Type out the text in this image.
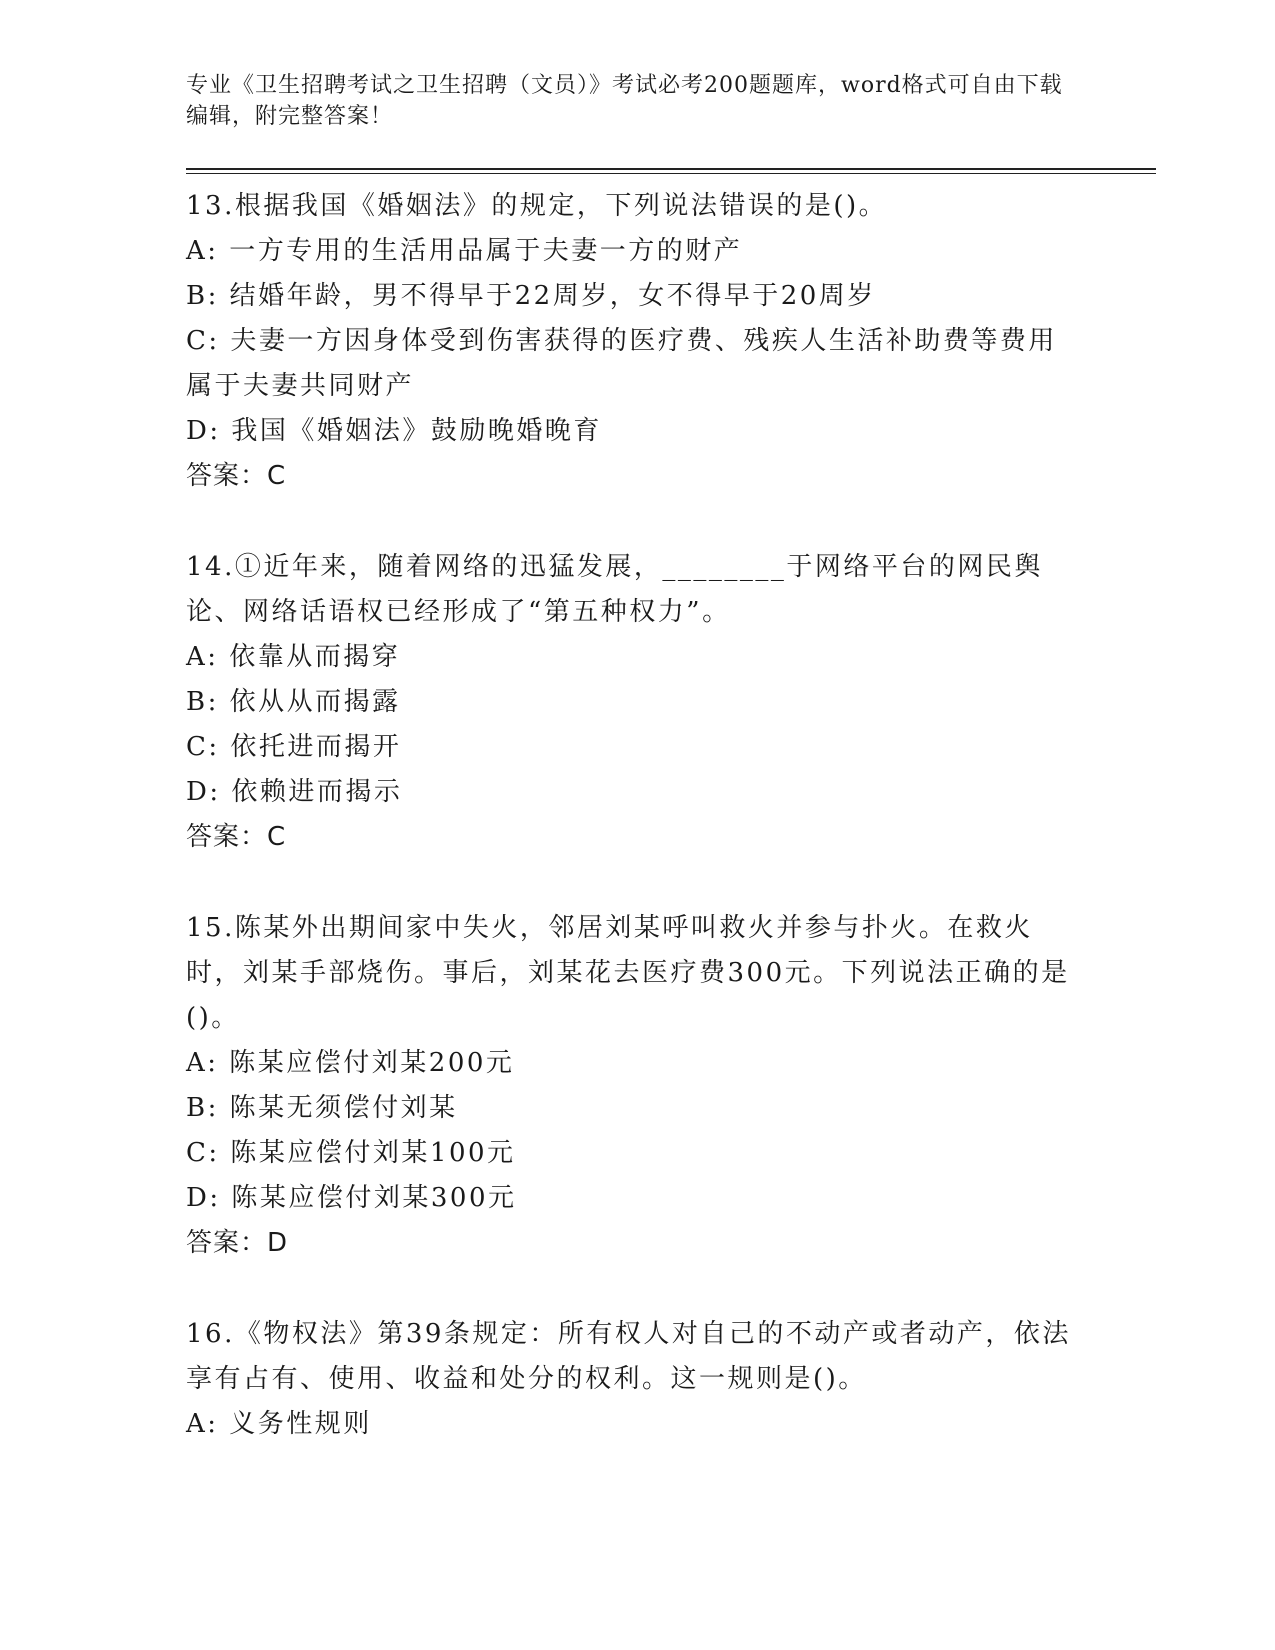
专业《卫生招聘考试之卫生招聘（文员）》考试必考200题题库，word格式可自由下载编辑，附完整答案！
13.根据我国《婚姻法》的规定，下列说法错误的是()。
A: 一方专用的生活用品属于夫妻一方的财产
B: 结婚年龄，男不得早于22周岁，女不得早于20周岁
C: 夫妻一方因身体受到伤害获得的医疗费、残疾人生活补助费等费用属于夫妻共同财产
D: 我国《婚姻法》鼓励晚婚晚育
答案：C
14.①近年来，随着网络的迅猛发展，________于网络平台的网民舆论、网络话语权已经形成了“第五种权力”。
A: 依靠从而揭穿
B: 依从从而揭露
C: 依托进而揭开
D: 依赖进而揭示
答案：C
15.陈某外出期间家中失火，邻居刘某呼叫救火并参与扑火。在救火时，刘某手部烧伤。事后，刘某花去医疗费300元。下列说法正确的是()。
A: 陈某应偿付刘某200元
B: 陈某无须偿付刘某
C: 陈某应偿付刘某100元
D: 陈某应偿付刘某300元
答案：D
16.《物权法》第39条规定：所有权人对自己的不动产或者动产，依法享有占有、使用、收益和处分的权利。这一规则是()。
A: 义务性规则
